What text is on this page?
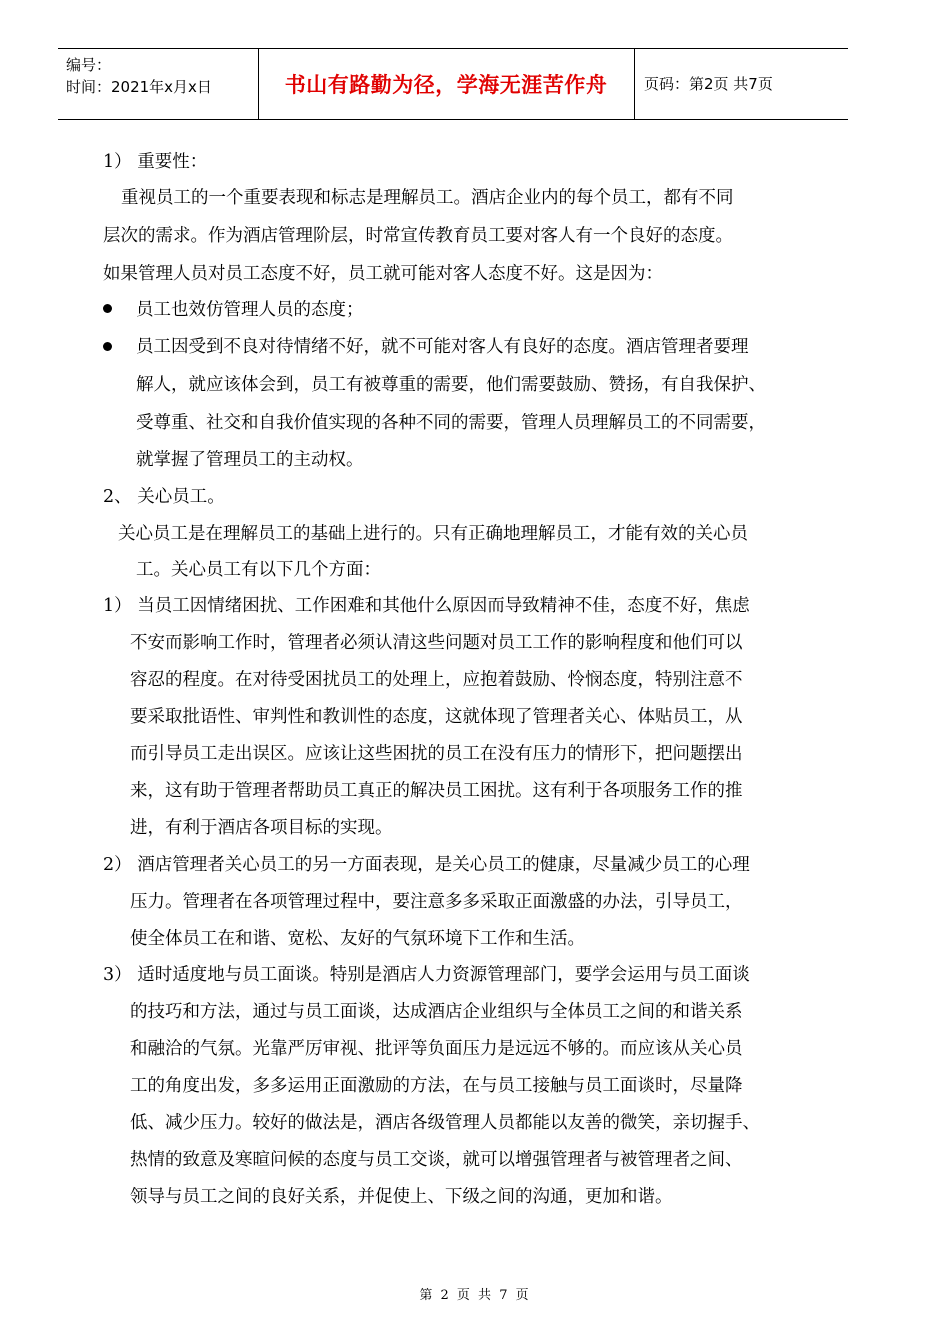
编号：
时间：2021年x月x日	书山有路勤为径，学海无涯苦作舟	页码：第2页 共7页
1） 重要性：
重视员工的一个重要表现和标志是理解员工。酒店企业内的每个员工，都有不同
层次的需求。作为酒店管理阶层，时常宣传教育员工要对客人有一个良好的态度。
如果管理人员对员工态度不好，员工就可能对客人态度不好。这是因为：
员工也效仿管理人员的态度；
员工因受到不良对待情绪不好，就不可能对客人有良好的态度。酒店管理者要理
解人，就应该体会到，员工有被尊重的需要，他们需要鼓励、赞扬，有自我保护、
受尊重、社交和自我价值实现的各种不同的需要，管理人员理解员工的不同需要，
就掌握了管理员工的主动权。
2、 关心员工。
关心员工是在理解员工的基础上进行的。只有正确地理解员工，才能有效的关心员
工。关心员工有以下几个方面：
1） 当员工因情绪困扰、工作困难和其他什么原因而导致精神不佳，态度不好，焦虑
不安而影响工作时，管理者必须认清这些问题对员工工作的影响程度和他们可以
容忍的程度。在对待受困扰员工的处理上，应抱着鼓励、怜悯态度，特别注意不
要采取批语性、审判性和教训性的态度，这就体现了管理者关心、体贴员工，从
而引导员工走出误区。应该让这些困扰的员工在没有压力的情形下，把问题摆出
来，这有助于管理者帮助员工真正的解决员工困扰。这有利于各项服务工作的推
进，有利于酒店各项目标的实现。
2） 酒店管理者关心员工的另一方面表现，是关心员工的健康，尽量减少员工的心理
压力。管理者在各项管理过程中，要注意多多采取正面激盛的办法，引导员工，
使全体员工在和谐、宽松、友好的气氛环境下工作和生活。
3） 适时适度地与员工面谈。特别是酒店人力资源管理部门，要学会运用与员工面谈
的技巧和方法，通过与员工面谈，达成酒店企业组织与全体员工之间的和谐关系
和融洽的气氛。光靠严厉审视、批评等负面压力是远远不够的。而应该从关心员
工的角度出发，多多运用正面激励的方法，在与员工接触与员工面谈时，尽量降
低、减少压力。较好的做法是，酒店各级管理人员都能以友善的微笑，亲切握手、
热情的致意及寒暄问候的态度与员工交谈，就可以增强管理者与被管理者之间、
领导与员工之间的良好关系，并促使上、下级之间的沟通，更加和谐。
第 2 页 共 7 页
